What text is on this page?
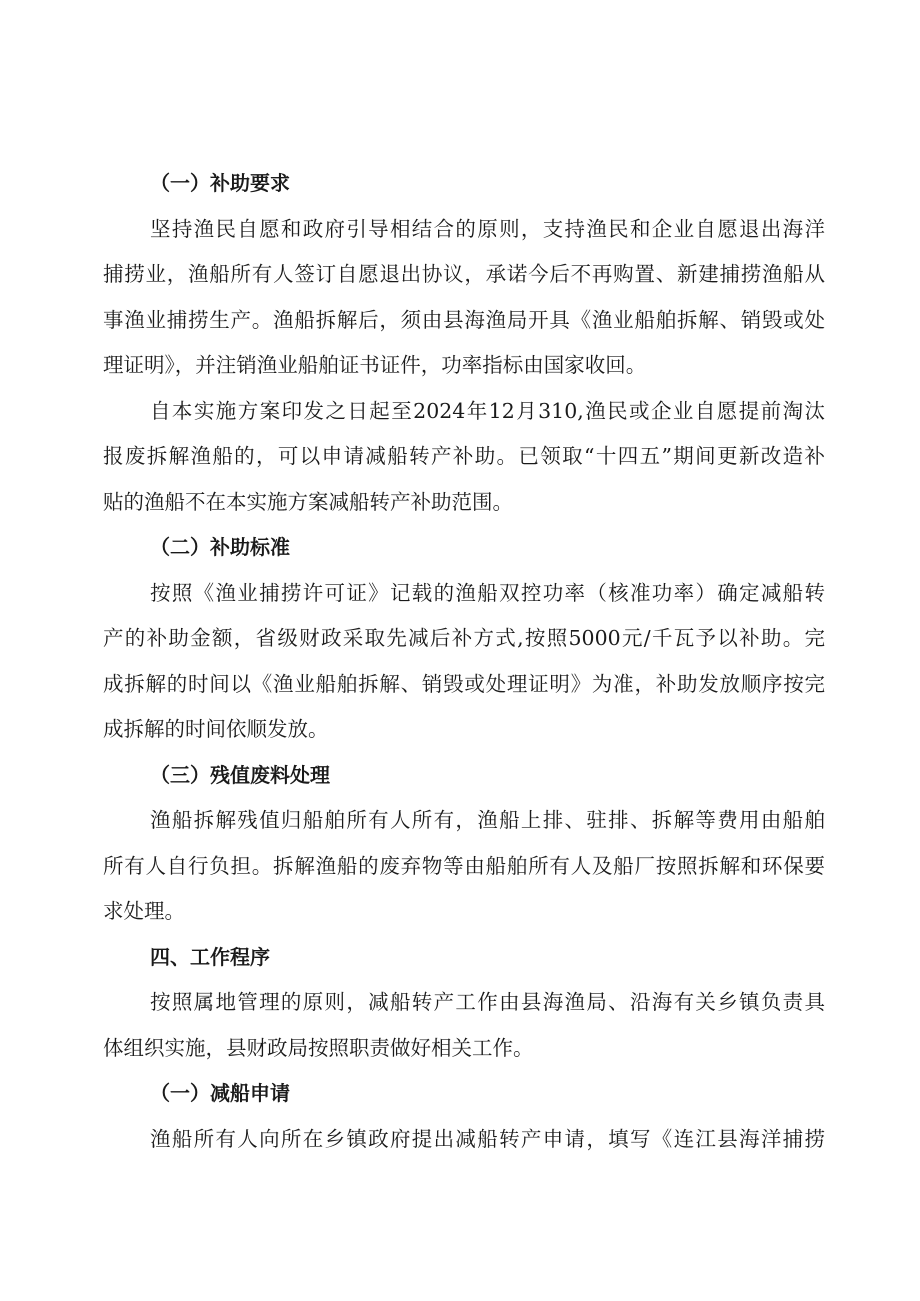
（一）补助要求
坚持渔民自愿和政府引导相结合的原则，支持渔民和企业自愿退出海洋
捕捞业，渔船所有人签订自愿退出协议，承诺今后不再购置、新建捕捞渔船从
事渔业捕捞生产。渔船拆解后，须由县海渔局开具《渔业船舶拆解、销毁或处
理证明》，并注销渔业船舶证书证件，功率指标由国家收回。
自本实施方案印发之日起至2024年12月310,渔民或企业自愿提前淘汰
报废拆解渔船的，可以申请减船转产补助。已领取“十四五”期间更新改造补
贴的渔船不在本实施方案减船转产补助范围。
（二）补助标准
按照《渔业捕捞许可证》记载的渔船双控功率（核准功率）确定减船转
产的补助金额，省级财政采取先减后补方式,按照5000元/千瓦予以补助。完
成拆解的时间以《渔业船舶拆解、销毁或处理证明》为准，补助发放顺序按完
成拆解的时间依顺发放。
（三）残值废料处理
渔船拆解残值归船舶所有人所有，渔船上排、驻排、拆解等费用由船舶
所有人自行负担。拆解渔船的废弃物等由船舶所有人及船厂按照拆解和环保要
求处理。
四、工作程序
按照属地管理的原则，减船转产工作由县海渔局、沿海有关乡镇负责具
体组织实施，县财政局按照职责做好相关工作。
（一）减船申请
渔船所有人向所在乡镇政府提出减船转产申请，填写《连江县海洋捕捞
